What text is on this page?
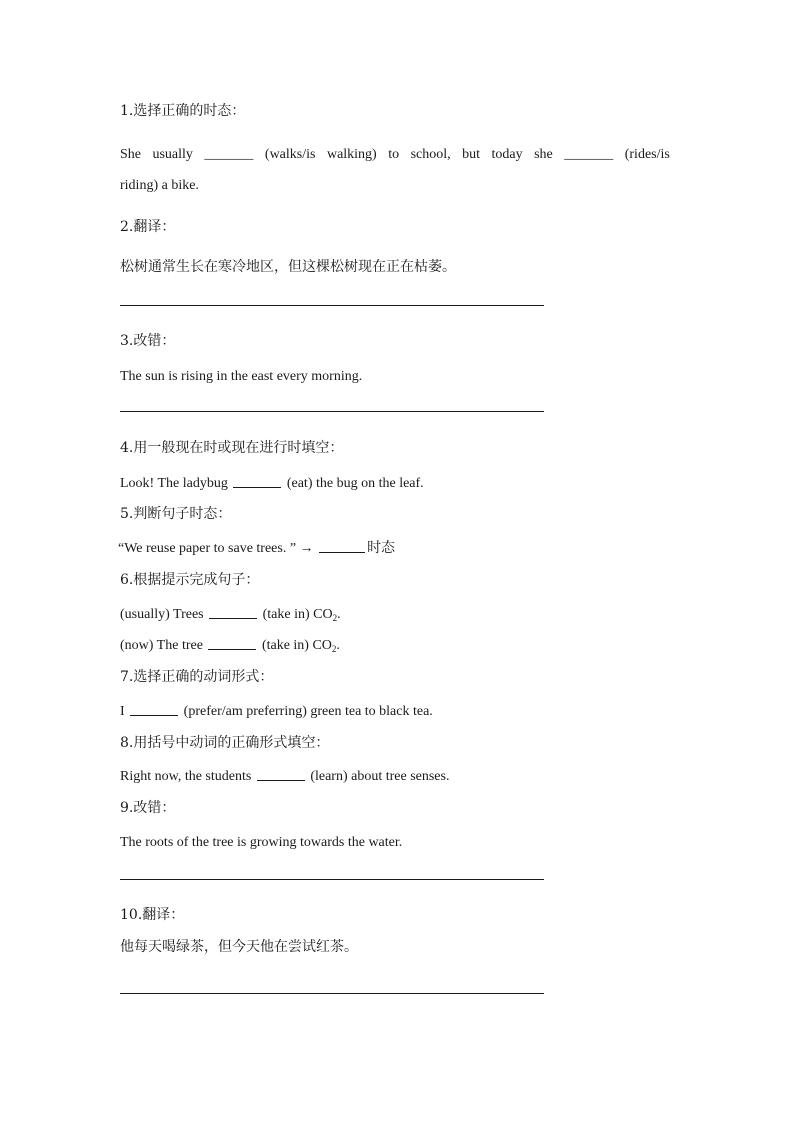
1.选择正确的时态：
She usually _______ (walks/is walking) to school, but today she _______ (rides/is
riding) a bike.
2.翻译：
松树通常生长在寒冷地区，但这棵松树现在正在枯萎。
3.改错：
The sun is rising in the east every morning.
4.用一般现在时或现在进行时填空：
Look! The ladybug	(eat) the bug on the leaf.
5.判断句子时态：
“We reuse paper to save trees. ” →	时态
6.根据提示完成句子：
(usually) Trees	(take in) $CO_2$.
(now) The tree	(take in) $CO_2$.
7.选择正确的动词形式：
I	(prefer/am preferring) green tea to black tea.
8.用括号中动词的正确形式填空：
Right now, the students	(learn) about tree senses.
9.改错：
The roots of the tree is growing towards the water.
10.翻译：
他每天喝绿茶，但今天他在尝试红茶。
